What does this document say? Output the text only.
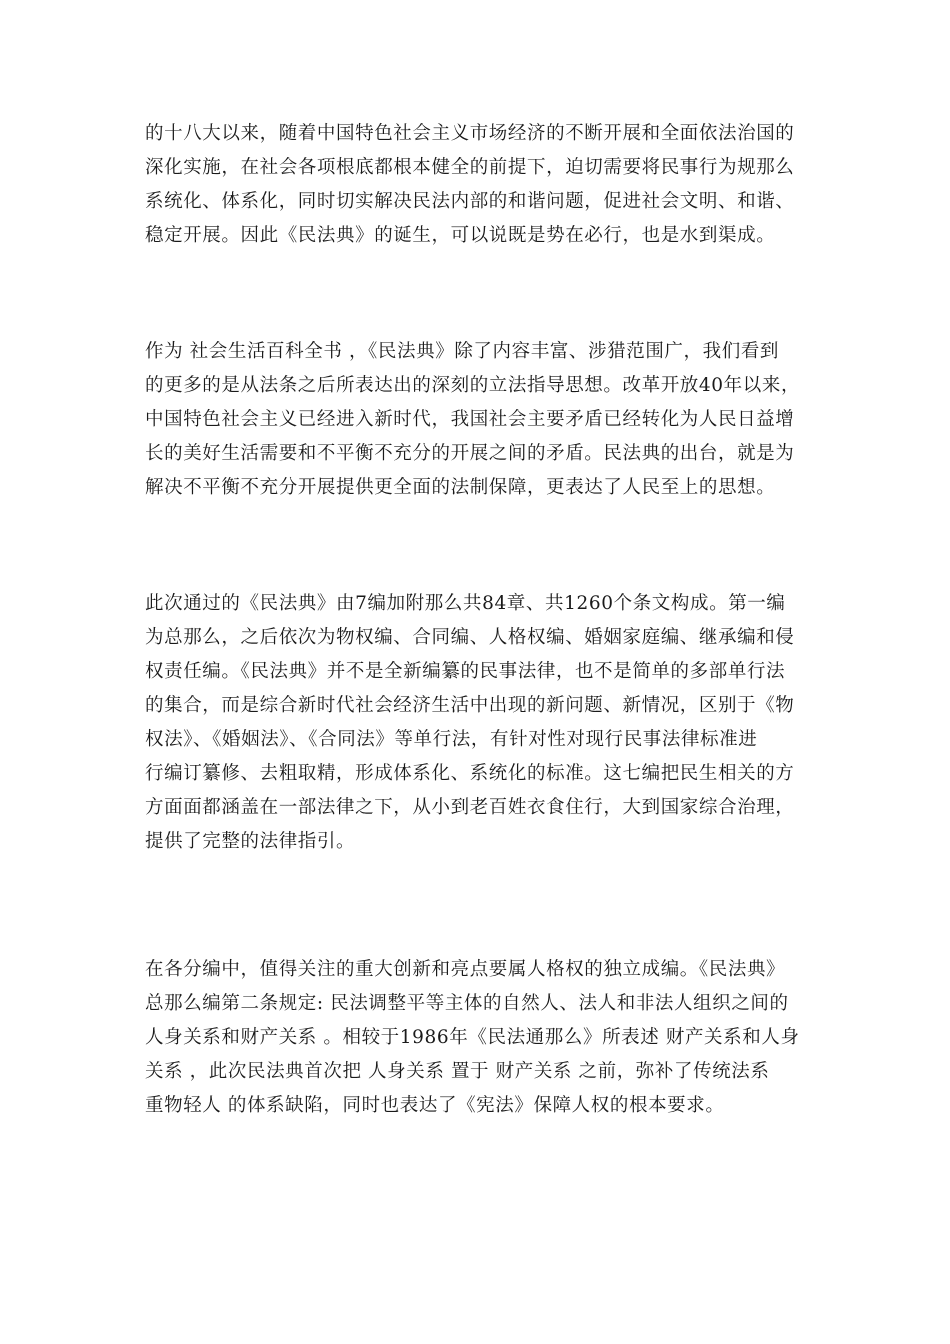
的十八大以来，随着中国特色社会主义市场经济的不断开展和全面依法治国的
深化实施，在社会各项根底都根本健全的前提下，迫切需要将民事行为规那么
系统化、体系化，同时切实解决民法内部的和谐问题，促进社会文明、和谐、
稳定开展。因此《民法典》的诞生，可以说既是势在必行，也是水到渠成。
作为 社会生活百科全书 ，《民法典》除了内容丰富、涉猎范围广，我们看到
的更多的是从法条之后所表达出的深刻的立法指导思想。改革开放40年以来，
中国特色社会主义已经进入新时代，我国社会主要矛盾已经转化为人民日益增
长的美好生活需要和不平衡不充分的开展之间的矛盾。民法典的出台，就是为
解决不平衡不充分开展提供更全面的法制保障，更表达了人民至上的思想。
此次通过的《民法典》由7编加附那么共84章、共1260个条文构成。第一编
为总那么，之后依次为物权编、合同编、人格权编、婚姻家庭编、继承编和侵
权责任编。《民法典》并不是全新编纂的民事法律，也不是简单的多部单行法
的集合，而是综合新时代社会经济生活中出现的新问题、新情况，区别于《物
权法》、《婚姻法》、《合同法》等单行法，有针对性对现行民事法律标准进
行编订纂修、去粗取精，形成体系化、系统化的标准。这七编把民生相关的方
方面面都涵盖在一部法律之下，从小到老百姓衣食住行，大到国家综合治理，
提供了完整的法律指引。
在各分编中，值得关注的重大创新和亮点要属人格权的独立成编。《民法典》
总那么编第二条规定: 民法调整平等主体的自然人、法人和非法人组织之间的
人身关系和财产关系 。相较于1986年《民法通那么》所表述 财产关系和人身
关系 ，此次民法典首次把 人身关系 置于 财产关系 之前，弥补了传统法系
重物轻人 的体系缺陷，同时也表达了《宪法》保障人权的根本要求。
